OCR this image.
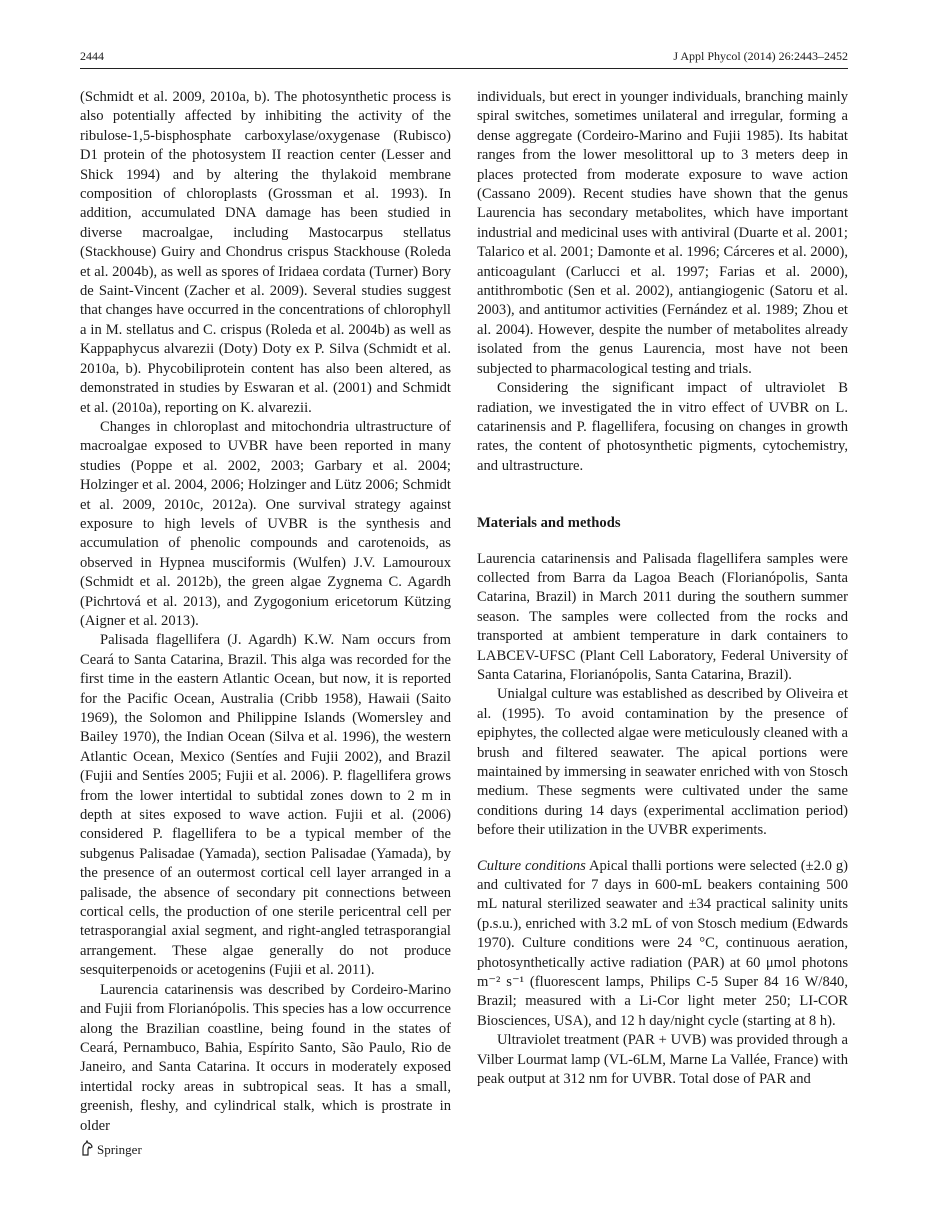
2444	J Appl Phycol (2014) 26:2443–2452

(Schmidt et al. 2009, 2010a, b). The photosynthetic process is also potentially affected by inhibiting the activity of the ribulose-1,5-bisphosphate carboxylase/oxygenase (Rubisco) D1 protein of the photosystem II reaction center (Lesser and Shick 1994) and by altering the thylakoid membrane composition of chloroplasts (Grossman et al. 1993). In addition, accumulated DNA damage has been studied in diverse macroalgae, including Mastocarpus stellatus (Stackhouse) Guiry and Chondrus crispus Stackhouse (Roleda et al. 2004b), as well as spores of Iridaea cordata (Turner) Bory de Saint-Vincent (Zacher et al. 2009). Several studies suggest that changes have occurred in the concentrations of chlorophyll a in M. stellatus and C. crispus (Roleda et al. 2004b) as well as Kappaphycus alvarezii (Doty) Doty ex P. Silva (Schmidt et al. 2010a, b). Phycobiliprotein content has also been altered, as demonstrated in studies by Eswaran et al. (2001) and Schmidt et al. (2010a), reporting on K. alvarezii.

Changes in chloroplast and mitochondria ultrastructure of macroalgae exposed to UVBR have been reported in many studies (Poppe et al. 2002, 2003; Garbary et al. 2004; Holzinger et al. 2004, 2006; Holzinger and Lütz 2006; Schmidt et al. 2009, 2010c, 2012a). One survival strategy against exposure to high levels of UVBR is the synthesis and accumulation of phenolic compounds and carotenoids, as observed in Hypnea musciformis (Wulfen) J.V. Lamouroux (Schmidt et al. 2012b), the green algae Zygnema C. Agardh (Pichrtová et al. 2013), and Zygogonium ericetorum Kützing (Aigner et al. 2013).

Palisada flagellifera (J. Agardh) K.W. Nam occurs from Ceará to Santa Catarina, Brazil. This alga was recorded for the first time in the eastern Atlantic Ocean, but now, it is reported for the Pacific Ocean, Australia (Cribb 1958), Hawaii (Saito 1969), the Solomon and Philippine Islands (Womersley and Bailey 1970), the Indian Ocean (Silva et al. 1996), the western Atlantic Ocean, Mexico (Sentíes and Fujii 2002), and Brazil (Fujii and Sentíes 2005; Fujii et al. 2006). P. flagellifera grows from the lower intertidal to subtidal zones down to 2 m in depth at sites exposed to wave action. Fujii et al. (2006) considered P. flagellifera to be a typical member of the subgenus Palisadae (Yamada), section Palisadae (Yamada), by the presence of an outermost cortical cell layer arranged in a palisade, the absence of secondary pit connections between cortical cells, the production of one sterile pericentral cell per tetrasporangial axial segment, and right-angled tetrasporangial arrangement. These algae generally do not produce sesquiterpenoids or acetogenins (Fujii et al. 2011).

Laurencia catarinensis was described by Cordeiro-Marino and Fujii from Florianópolis. This species has a low occurrence along the Brazilian coastline, being found in the states of Ceará, Pernambuco, Bahia, Espírito Santo, São Paulo, Rio de Janeiro, and Santa Catarina. It occurs in moderately exposed intertidal rocky areas in subtropical seas. It has a small, greenish, fleshy, and cylindrical stalk, which is prostrate in older

individuals, but erect in younger individuals, branching mainly spiral switches, sometimes unilateral and irregular, forming a dense aggregate (Cordeiro-Marino and Fujii 1985). Its habitat ranges from the lower mesolittoral up to 3 meters deep in places protected from moderate exposure to wave action (Cassano 2009). Recent studies have shown that the genus Laurencia has secondary metabolites, which have important industrial and medicinal uses with antiviral (Duarte et al. 2001; Talarico et al. 2001; Damonte et al. 1996; Cárceres et al. 2000), anticoagulant (Carlucci et al. 1997; Farias et al. 2000), antithrombotic (Sen et al. 2002), antiangiogenic (Satoru et al. 2003), and antitumor activities (Fernández et al. 1989; Zhou et al. 2004). However, despite the number of metabolites already isolated from the genus Laurencia, most have not been subjected to pharmacological testing and trials.

Considering the significant impact of ultraviolet B radiation, we investigated the in vitro effect of UVBR on L. catarinensis and P. flagellifera, focusing on changes in growth rates, the content of photosynthetic pigments, cytochemistry, and ultrastructure.

Materials and methods

Laurencia catarinensis and Palisada flagellifera samples were collected from Barra da Lagoa Beach (Florianópolis, Santa Catarina, Brazil) in March 2011 during the southern summer season. The samples were collected from the rocks and transported at ambient temperature in dark containers to LABCEV-UFSC (Plant Cell Laboratory, Federal University of Santa Catarina, Florianópolis, Santa Catarina, Brazil).

Unialgal culture was established as described by Oliveira et al. (1995). To avoid contamination by the presence of epiphytes, the collected algae were meticulously cleaned with a brush and filtered seawater. The apical portions were maintained by immersing in seawater enriched with von Stosch medium. These segments were cultivated under the same conditions during 14 days (experimental acclimation period) before their utilization in the UVBR experiments.

Culture conditions Apical thalli portions were selected (±2.0 g) and cultivated for 7 days in 600-mL beakers containing 500 mL natural sterilized seawater and ±34 practical salinity units (p.s.u.), enriched with 3.2 mL of von Stosch medium (Edwards 1970). Culture conditions were 24 °C, continuous aeration, photosynthetically active radiation (PAR) at 60 μmol photons m⁻² s⁻¹ (fluorescent lamps, Philips C-5 Super 84 16 W/840, Brazil; measured with a Li-Cor light meter 250; LI-COR Biosciences, USA), and 12 h day/night cycle (starting at 8 h).

Ultraviolet treatment (PAR + UVB) was provided through a Vilber Lourmat lamp (VL-6LM, Marne La Vallée, France) with peak output at 312 nm for UVBR. Total dose of PAR and

Springer
